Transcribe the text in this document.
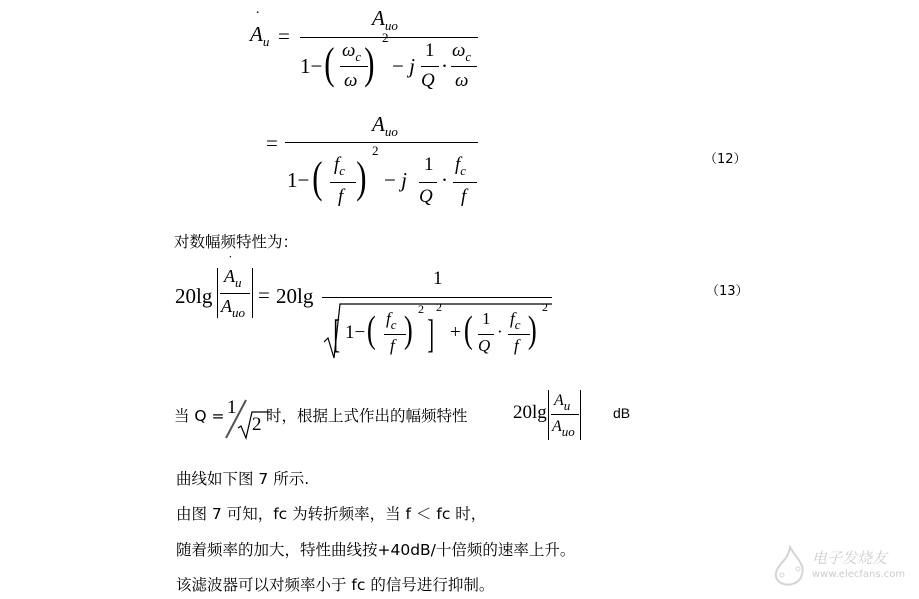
$A_u$
˙
=
$A_{uo}$
1− ( $\omega_c$
ω )
2
− j
1
Q
·
$\omega_c$
ω
=
$A_{uo}$
1− ( $f_c$
f )
2
− j
1
Q
·
$f_c$
f
（12）
对数幅频特性为：
20lg
$A_u$
˙
$A_{uo}$
= 20lg
1
[ 1− ( $f_c$
f ) 2
]
2
+ ( 1
Q
·
$f_c$
f )
2
（13）
当 Q = 1
2 时，根据上式作出的幅频特性 20lg
$A_u$
$A_{uo}$
dB
曲线如下图 7 所示.
由图 7 可知，fc 为转折频率，当 f ＜ fc 时，
随着频率的加大，特性曲线按+40dB/十倍频的速率上升。
该滤波器可以对频率小于 fc 的信号进行抑制。
电子发烧友
www.elecfans.com
